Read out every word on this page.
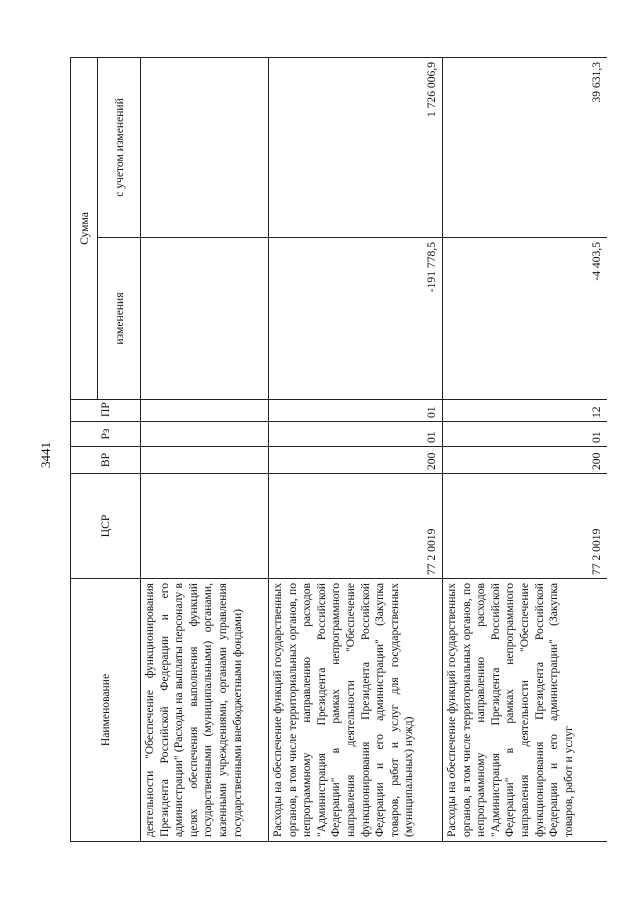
3441
Наименование	ЦСР	ВР	Рз	ПР	Сумма	
					изменения	с учетом изменений
деятельности "Обеспечение функционирования Президента Российской Федерации и его администрации" (Расходы на выплаты персоналу в целях обеспечения выполнения функций государственными (муниципальными) органами, казенными учреждениями, органами управления государственными внебюджетными фондами)						
Расходы на обеспечение функций государственных органов, в том числе территориальных органов, по непрограммному направлению расходов "Администрация Президента Российской Федерации" в рамках непрограммного направления деятельности "Обеспечение функционирования Президента Российской Федерации и его администрации" (Закупка товаров, работ и услуг для государственных (муниципальных) нужд)	77 2 0019	200	01	01	-191 778,5	1 726 006,9
Расходы на обеспечение функций государственных органов, в том числе территориальных органов, по непрограммному направлению расходов "Администрация Президента Российской Федерации" в рамках непрограммного направления деятельности "Обеспечение функционирования Президента Российской Федерации и его администрации" (Закупка товаров, работ и услуг	77 2 0019	200	01	12	-4 403,5	39 631,3
